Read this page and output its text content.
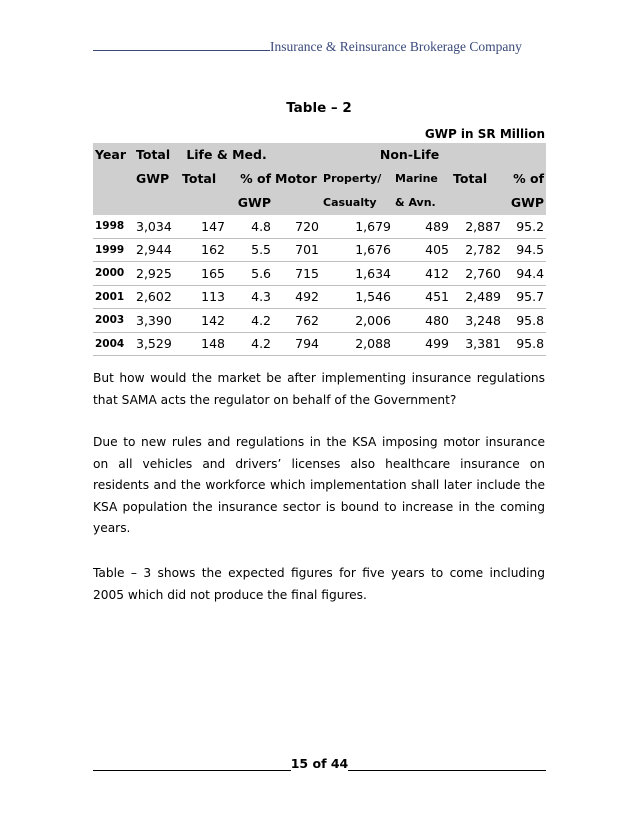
Insurance & Reinsurance Brokerage Company
Table – 2
GWP in SR Million
Year	Total	Life & Med.		Non-Life				
	GWP	Total	% of	Motor	Property/	Marine	Total	% of
			GWP		Casualty	& Avn.		GWP
1998	3,034	147	4.8	720	1,679	489	2,887	95.2
1999	2,944	162	5.5	701	1,676	405	2,782	94.5
2000	2,925	165	5.6	715	1,634	412	2,760	94.4
2001	2,602	113	4.3	492	1,546	451	2,489	95.7
2003	3,390	142	4.2	762	2,006	480	3,248	95.8
2004	3,529	148	4.2	794	2,088	499	3,381	95.8

But how would the market be after implementing insurance regulations that SAMA acts the regulator on behalf of the Government?

Due to new rules and regulations in the KSA imposing motor insurance on all vehicles and drivers’ licenses also healthcare insurance on residents and the workforce which implementation shall later include the KSA population the insurance sector is bound to increase in the coming years.

Table – 3 shows the expected figures for five years to come including 2005 which did not produce the final figures.

15 of 44
